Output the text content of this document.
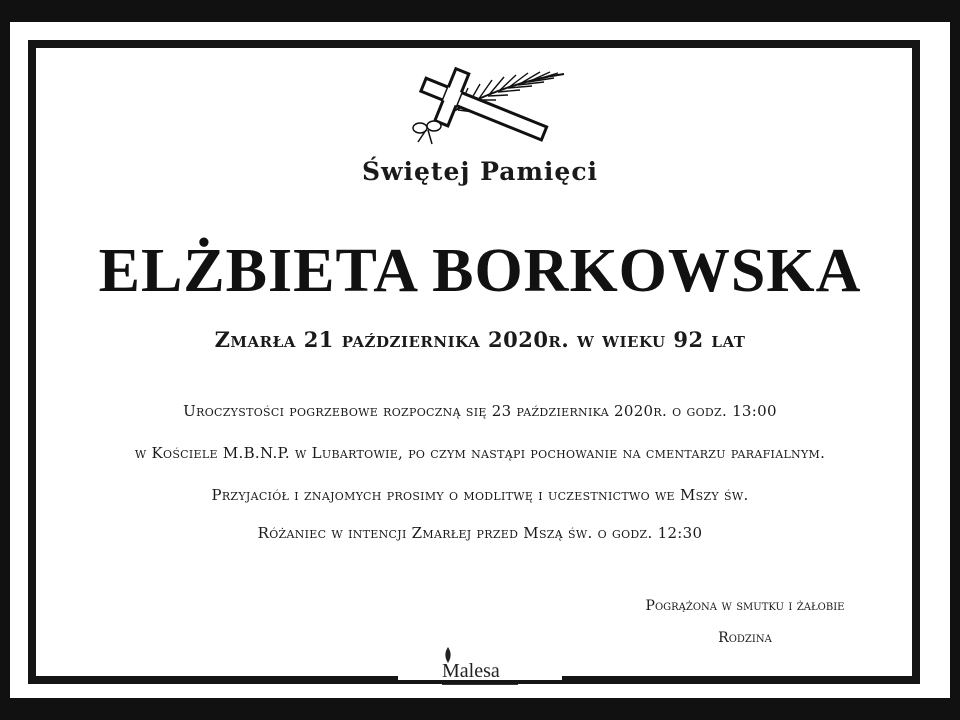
Świętej Pamięci
ELŻBIETA BORKOWSKA
Zmarła 21 października 2020r. w wieku 92 lat
Uroczystości pogrzebowe rozpoczną się 23 października 2020r. o godz. 13:00
w Kościele M.B.N.P. w Lubartowie, po czym nastąpi pochowanie na cmentarzu parafialnym.
Przyjaciół i znajomych prosimy o modlitwę i uczestnictwo we Mszy św.
Różaniec w intencji Zmarłej przed Mszą św. o godz. 12:30
Pogrążona w smutku i żałobie
Rodzina
Malesa
